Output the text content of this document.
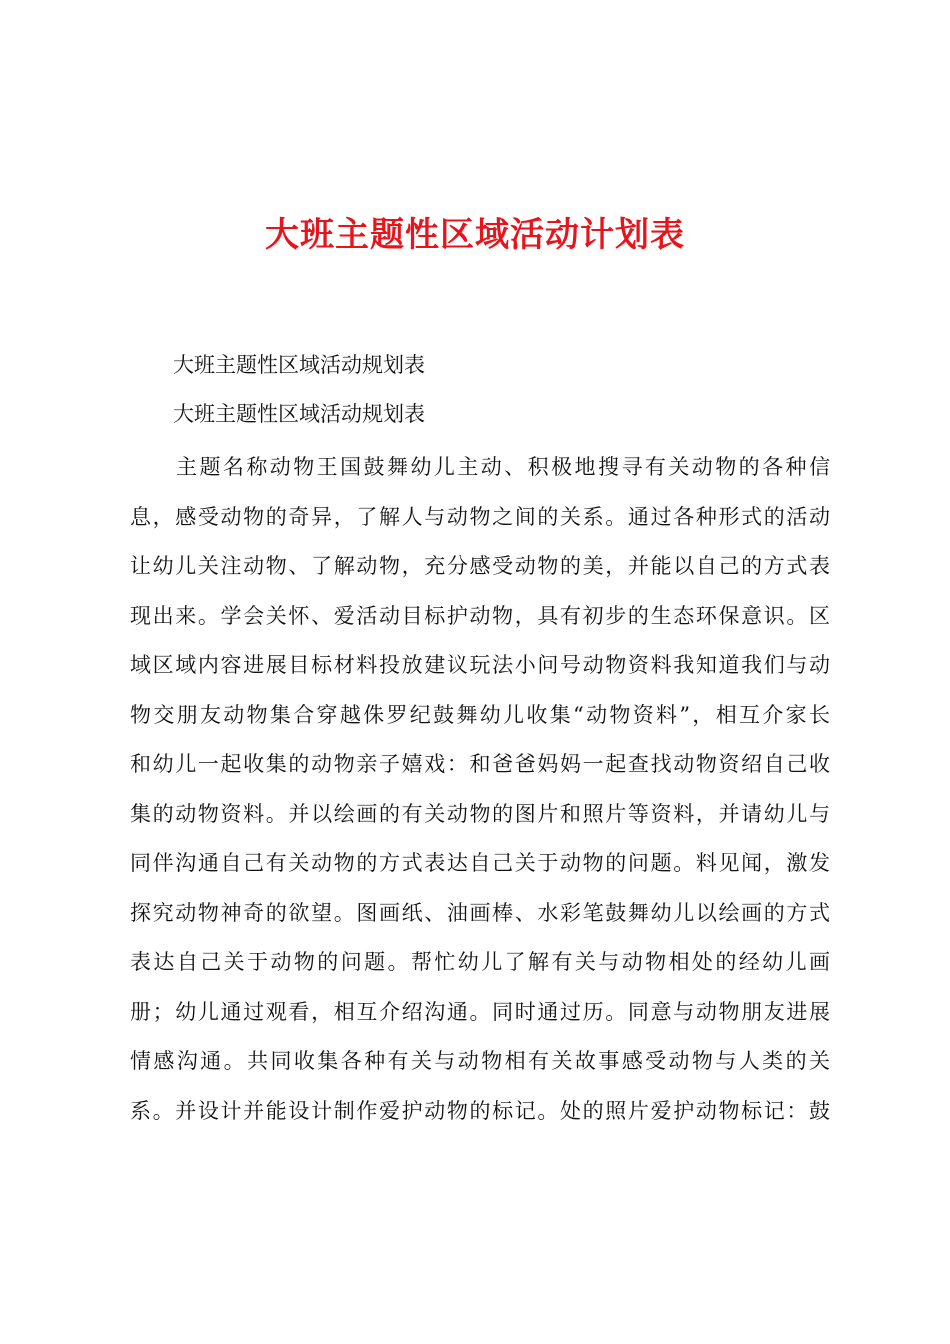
大班主题性区域活动计划表

大班主题性区域活动规划表

大班主题性区域活动规划表

主题名称动物王国鼓舞幼儿主动、积极地搜寻有关动物的各种信
息，感受动物的奇异，了解人与动物之间的关系。通过各种形式的活动
让幼儿关注动物、了解动物，充分感受动物的美，并能以自己的方式表
现出来。学会关怀、爱活动目标护动物，具有初步的生态环保意识。区
域区域内容进展目标材料投放建议玩法小问号动物资料我知道我们与动
物交朋友动物集合穿越侏罗纪鼓舞幼儿收集“动物资料”，相互介家长
和幼儿一起收集的动物亲子嬉戏：和爸爸妈妈一起查找动物资绍自己收
集的动物资料。并以绘画的有关动物的图片和照片等资料，并请幼儿与
同伴沟通自己有关动物的方式表达自己关于动物的问题。料见闻，激发
探究动物神奇的欲望。图画纸、油画棒、水彩笔鼓舞幼儿以绘画的方式
表达自己关于动物的问题。帮忙幼儿了解有关与动物相处的经幼儿画
册；幼儿通过观看，相互介绍沟通。同时通过历。同意与动物朋友进展
情感沟通。共同收集各种有关与动物相有关故事感受动物与人类的关
系。并设计并能设计制作爱护动物的标记。处的照片爱护动物标记：鼓
